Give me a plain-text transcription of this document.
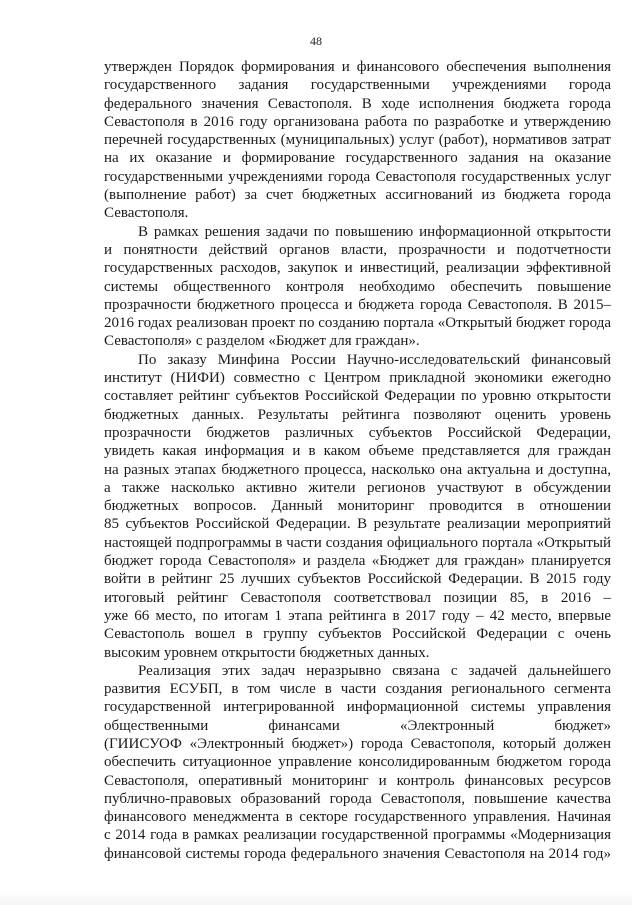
48
утвержден Порядок формирования и финансового обеспечения выполнения
государственного задания государственными учреждениями города
федерального значения Севастополя. В ходе исполнения бюджета города
Севастополя в 2016 году организована работа по разработке и утверждению
перечней государственных (муниципальных) услуг (работ), нормативов затрат
на их оказание и формирование государственного задания на оказание
государственными учреждениями города Севастополя государственных услуг
(выполнение работ) за счет бюджетных ассигнований из бюджета города
Севастополя.
В рамках решения задачи по повышению информационной открытости
и понятности действий органов власти, прозрачности и подотчетности
государственных расходов, закупок и инвестиций, реализации эффективной
системы общественного контроля необходимо обеспечить повышение
прозрачности бюджетного процесса и бюджета города Севастополя. В 2015–
2016 годах реализован проект по созданию портала «Открытый бюджет города
Севастополя» с разделом «Бюджет для граждан».
По заказу Минфина России Научно-исследовательский финансовый
институт (НИФИ) совместно с Центром прикладной экономики ежегодно
составляет рейтинг субъектов Российской Федерации по уровню открытости
бюджетных данных. Результаты рейтинга позволяют оценить уровень
прозрачности бюджетов различных субъектов Российской Федерации,
увидеть какая информация и в каком объеме представляется для граждан
на разных этапах бюджетного процесса, насколько она актуальна и доступна,
а также насколько активно жители регионов участвуют в обсуждении
бюджетных вопросов. Данный мониторинг проводится в отношении
85 субъектов Российской Федерации. В результате реализации мероприятий
настоящей подпрограммы в части создания официального портала «Открытый
бюджет города Севастополя» и раздела «Бюджет для граждан» планируется
войти в рейтинг 25 лучших субъектов Российской Федерации. В 2015 году
итоговый рейтинг Севастополя соответствовал позиции 85, в 2016 –
уже 66 место, по итогам 1 этапа рейтинга в 2017 году – 42 место, впервые
Севастополь вошел в группу субъектов Российской Федерации с очень
высоким уровнем открытости бюджетных данных.
Реализация этих задач неразрывно связана с задачей дальнейшего
развития ЕСУБП, в том числе в части создания регионального сегмента
государственной интегрированной информационной системы управления
общественными финансами «Электронный бюджет»
(ГИИСУОФ «Электронный бюджет») города Севастополя, который должен
обеспечить ситуационное управление консолидированным бюджетом города
Севастополя, оперативный мониторинг и контроль финансовых ресурсов
публично-правовых образований города Севастополя, повышение качества
финансового менеджмента в секторе государственного управления. Начиная
с 2014 года в рамках реализации государственной программы «Модернизация
финансовой системы города федерального значения Севастополя на 2014 год»
